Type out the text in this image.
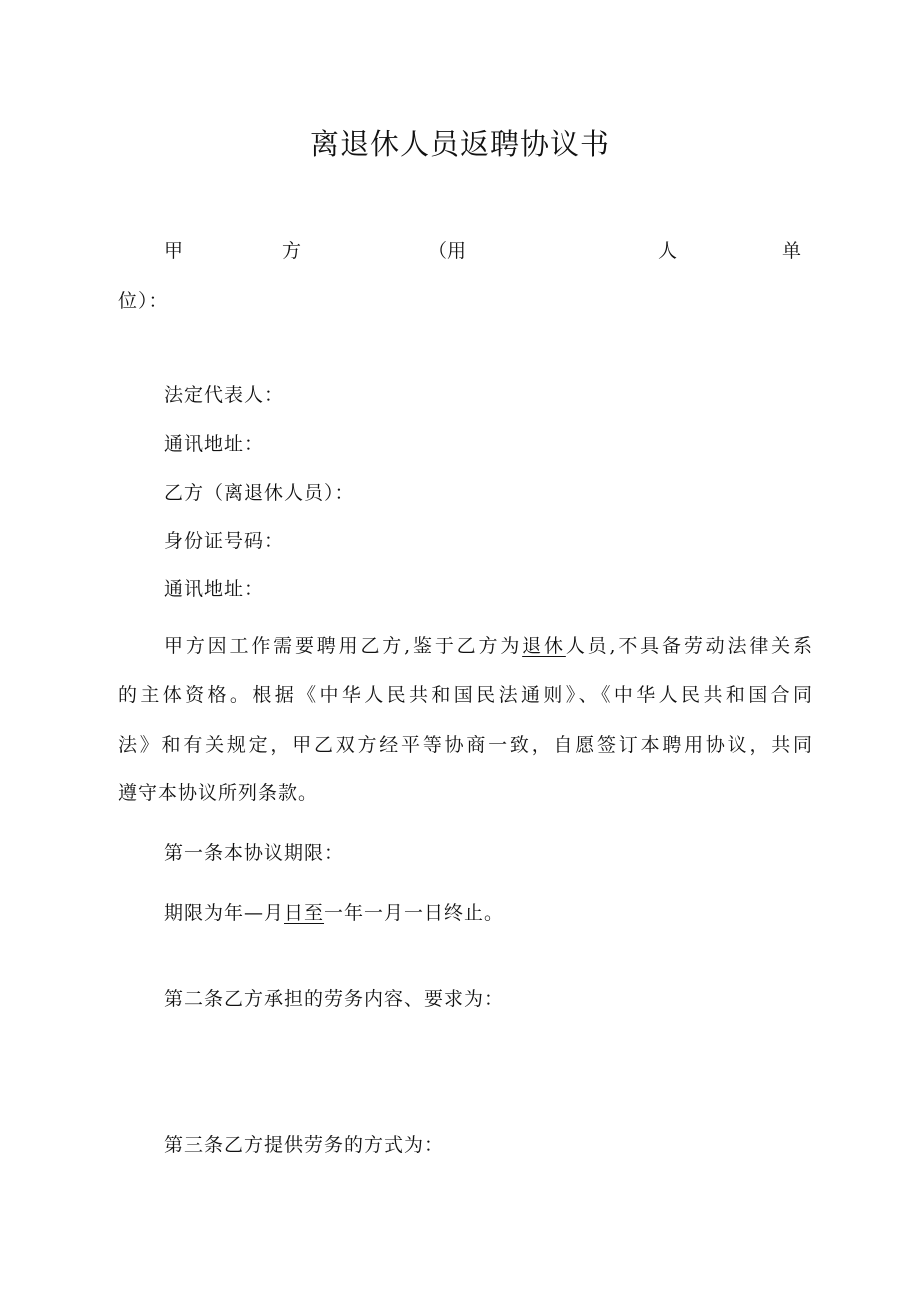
离退休人员返聘协议书
甲	方	（用	人	单
位）：
法定代表人：
通讯地址：
乙方（离退休人员）：
身份证号码：
通讯地址：
甲方因工作需要聘用乙方,鉴于乙方为退休人员,不具备劳动法律关系
的主体资格。根据《中华人民共和国民法通则》、《中华人民共和国合同
法》和有关规定，甲乙双方经平等协商一致，自愿签订本聘用协议，共同
遵守本协议所列条款。
第一条本协议期限：
期限为年—月日至一年一月一日终止。
第二条乙方承担的劳务内容、要求为：
第三条乙方提供劳务的方式为：
